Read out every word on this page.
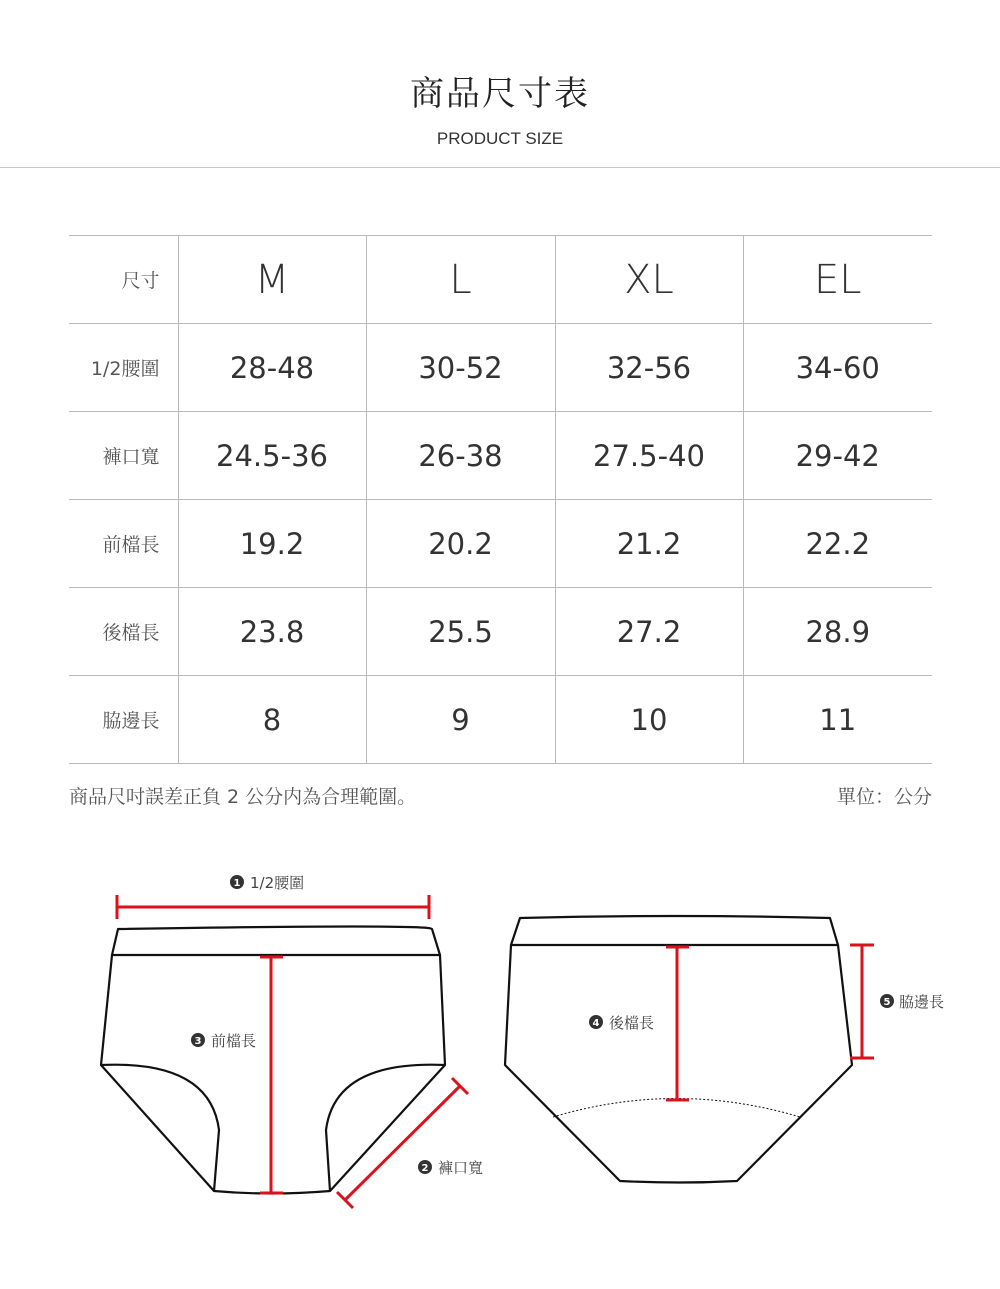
商品尺寸表
PRODUCT SIZE
尺寸	M	L	XL	EL
1/2腰圍	28-48	30-52	32-56	34-60
褲口寬	24.5-36	26-38	27.5-40	29-42
前檔長	19.2	20.2	21.2	22.2
後檔長	23.8	25.5	27.2	28.9
脇邊長	8	9	10	11
商品尺吋誤差正負 2 公分内為合理範圍。	單位：公分
1 1/2腰圍
3 前檔長
2 褲口寬
4 後檔長
5 脇邊長
